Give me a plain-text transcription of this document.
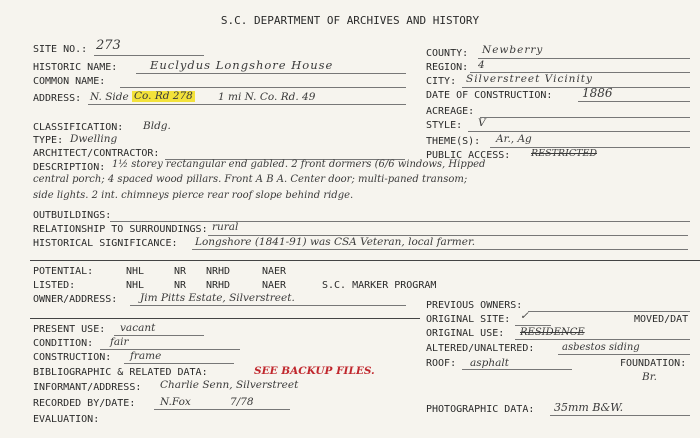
S.C. DEPARTMENT OF ARCHIVES AND HISTORY
SITE NO.: 273
HISTORIC NAME:	Euclydus Longshore House
COMMON NAME:
ADDRESS: N. Side Co. Rd 278 1 mi N. Co. Rd. 49
CLASSIFICATION: Bldg.
TYPE: Dwelling
ARCHITECT/CONTRACTOR:
DESCRIPTION: 1½ storey rectangular end gabled. 2 front dormers (6/6 windows, Hipped
central porch; 4 spaced wood pillars. Front A B A. Center door; multi-paned transom;
side lights. 2 int. chimneys pierce rear roof slope behind ridge.
OUTBUILDINGS:
RELATIONSHIP TO SURROUNDINGS: rural
HISTORICAL SIGNIFICANCE: Longshore (1841-91) was CSA Veteran, local farmer.
COUNTY: Newberry
REGION: 4
CITY: Silverstreet Vicinity
DATE OF CONSTRUCTION: 1886
ACREAGE:
STYLE: V
THEME(S): Ar., Ag
PUBLIC ACCESS: RESTRICTED
POTENTIAL:	NHL	NR NRHD	NAER
LISTED:	NHL	NR NRHD	NAER	S.C. MARKER PROGRAM
OWNER/ADDRESS: Jim Pitts Estate, Silverstreet.
PRESENT USE: vacant
CONDITION: fair
CONSTRUCTION: frame
BIBLIOGRAPHIC & RELATED DATA:	SEE BACKUP FILES.
INFORMANT/ADDRESS: Charlie Senn, Silverstreet
RECORDED BY/DATE: N.Fox	7/78
EVALUATION:
PREVIOUS OWNERS:
ORIGINAL SITE: ✓	MOVED/DAT
ORIGINAL USE: RESIDENCE
ALTERED/UNALTERED:	asbestos siding
ROOF: asphalt	FOUNDATION:
Br.
PHOTOGRAPHIC DATA: 35mm B&W.
